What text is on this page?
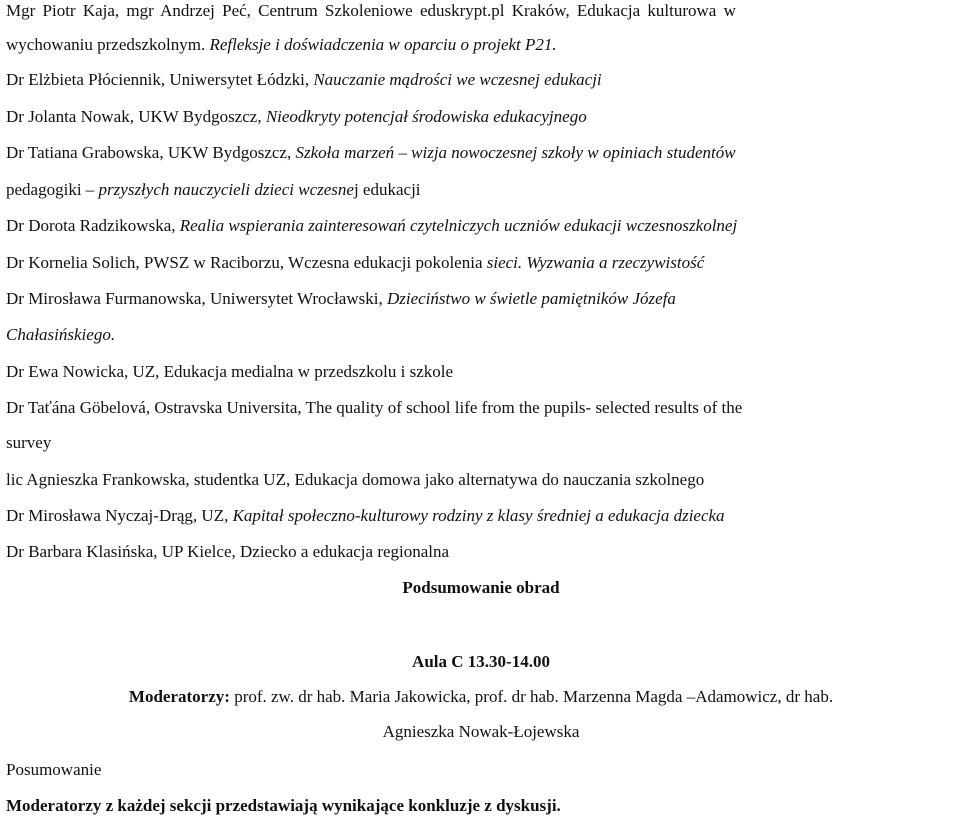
Mgr Piotr Kaja, mgr Andrzej Peć, Centrum Szkoleniowe eduskrypt.pl Kraków, Edukacja kulturowa w
wychowaniu przedszkolnym. Refleksje i doświadczenia w oparciu o projekt P21.
Dr Elżbieta Płóciennik, Uniwersytet Łódzki, Nauczanie mądrości we wczesnej edukacji
Dr Jolanta Nowak, UKW Bydgoszcz, Nieodkryty potencjał środowiska edukacyjnego
Dr Tatiana Grabowska, UKW Bydgoszcz, Szkoła marzeń – wizja nowoczesnej szkoły w opiniach studentów
pedagogiki – przyszłych nauczycieli dzieci wczesnej edukacji
Dr Dorota Radzikowska, Realia wspierania zainteresowań czytelniczych uczniów edukacji wczesnoszkolnej
Dr Kornelia Solich, PWSZ w Raciborzu, Wczesna edukacji pokolenia sieci. Wyzwania a rzeczywistość
Dr Mirosława Furmanowska, Uniwersytet Wrocławski, Dzieciństwo w świetle pamiętników Józefa
Chałasińskiego.
Dr Ewa Nowicka, UZ, Edukacja medialna w przedszkolu i szkole
Dr Taťána Göbelová, Ostravska Universita, The quality of school life from the pupils- selected results of the
survey
lic Agnieszka Frankowska, studentka UZ, Edukacja domowa jako alternatywa do nauczania szkolnego
Dr Mirosława Nyczaj-Drąg, UZ, Kapitał społeczno-kulturowy rodziny z klasy średniej a edukacja dziecka
Dr Barbara Klasińska, UP Kielce, Dziecko a edukacja regionalna
Podsumowanie obrad
Aula C 13.30-14.00
Moderatorzy: prof. zw. dr hab. Maria Jakowicka, prof. dr hab. Marzenna Magda –Adamowicz, dr hab.
Agnieszka Nowak-Łojewska
Posumowanie
Moderatorzy z każdej sekcji przedstawiają wynikające konkluzje z dyskusji.
